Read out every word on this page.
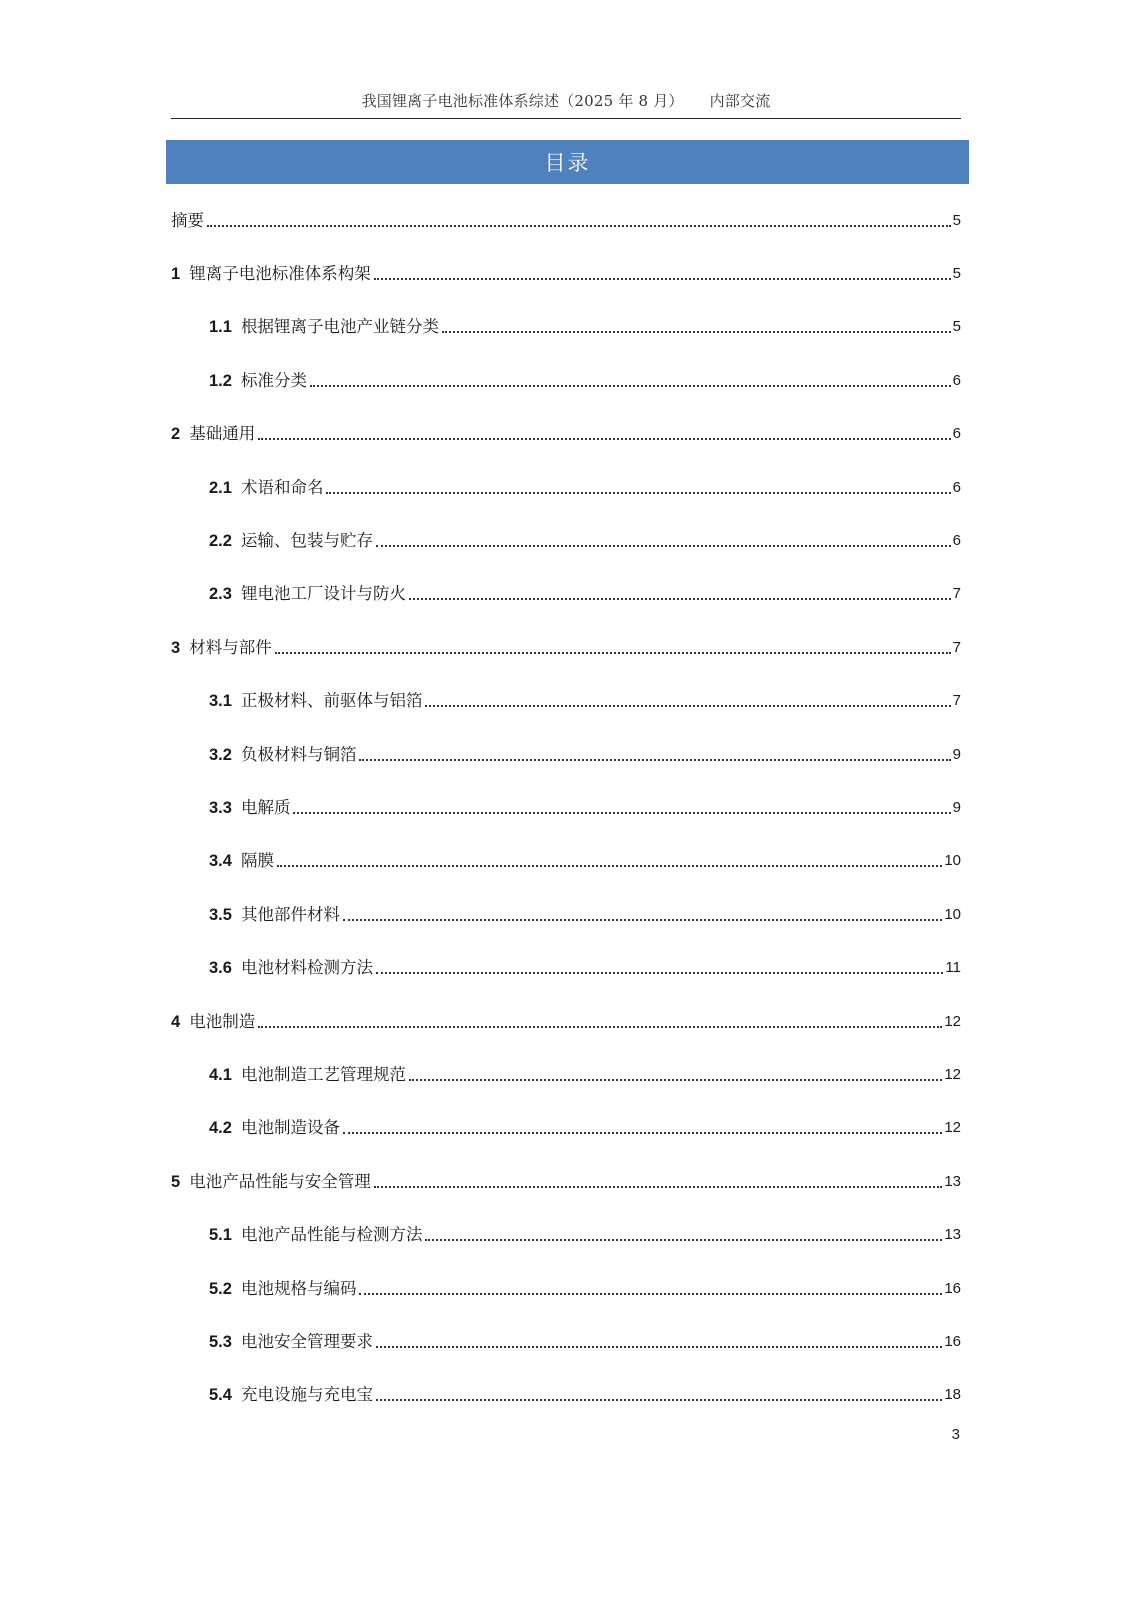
我国锂离子电池标准体系综述（2025 年 8 月） 内部交流
目录
摘要	5
1 锂离子电池标准体系构架	5
1.1 根据锂离子电池产业链分类	5
1.2 标准分类	6
2 基础通用	6
2.1 术语和命名	6
2.2 运输、包装与贮存	6
2.3 锂电池工厂设计与防火	7
3 材料与部件	7
3.1 正极材料、前驱体与铝箔	7
3.2 负极材料与铜箔	9
3.3 电解质	9
3.4 隔膜	10
3.5 其他部件材料	10
3.6 电池材料检测方法	11
4 电池制造	12
4.1 电池制造工艺管理规范	12
4.2 电池制造设备	12
5 电池产品性能与安全管理	13
5.1 电池产品性能与检测方法	13
5.2 电池规格与编码	16
5.3 电池安全管理要求	16
5.4 充电设施与充电宝	18
3
